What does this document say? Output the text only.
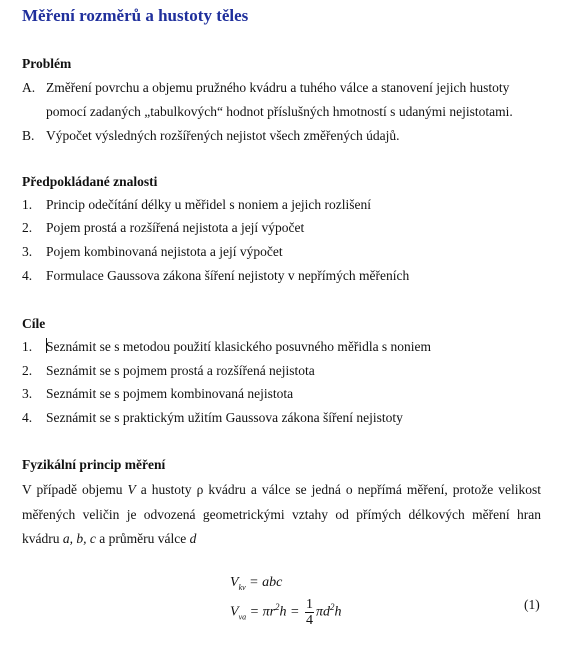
Měření rozměrů a hustoty těles
Problém
A. Změření povrchu a objemu pružného kvádru a tuhého válce a stanovení jejich hustoty
pomocí zadaných „tabulkových“ hodnot příslušných hmotností s udanými nejistotami.
B. Výpočet výsledných rozšířených nejistot všech změřených údajů.
Předpokládané znalosti
1. Princip odečítání délky u měřidel s noniem a jejich rozlišení
2. Pojem prostá a rozšířená nejistota a její výpočet
3. Pojem kombinovaná nejistota a její výpočet
4. Formulace Gaussova zákona šíření nejistoty v nepřímých měřeních
Cíle
1. Seznámit se s metodou použití klasického posuvného měřidla s noniem
2. Seznámit se s pojmem prostá a rozšířená nejistota
3. Seznámit se s pojmem kombinovaná nejistota
4. Seznámit se s praktickým užitím Gaussova zákona šíření nejistoty
Fyzikální princip měření
V případě objemu V a hustoty ρ kvádru a válce se jedná o nepřímá měření, protože velikost měřených veličin je odvozená geometrickými vztahy od přímých délkových měření hran kvádru a, b, c a průměru válce d
$V_{kv}$ = abc
$V_{va} = \pi r^2h = \frac{1}{4} \pi d^2h$
(1)
